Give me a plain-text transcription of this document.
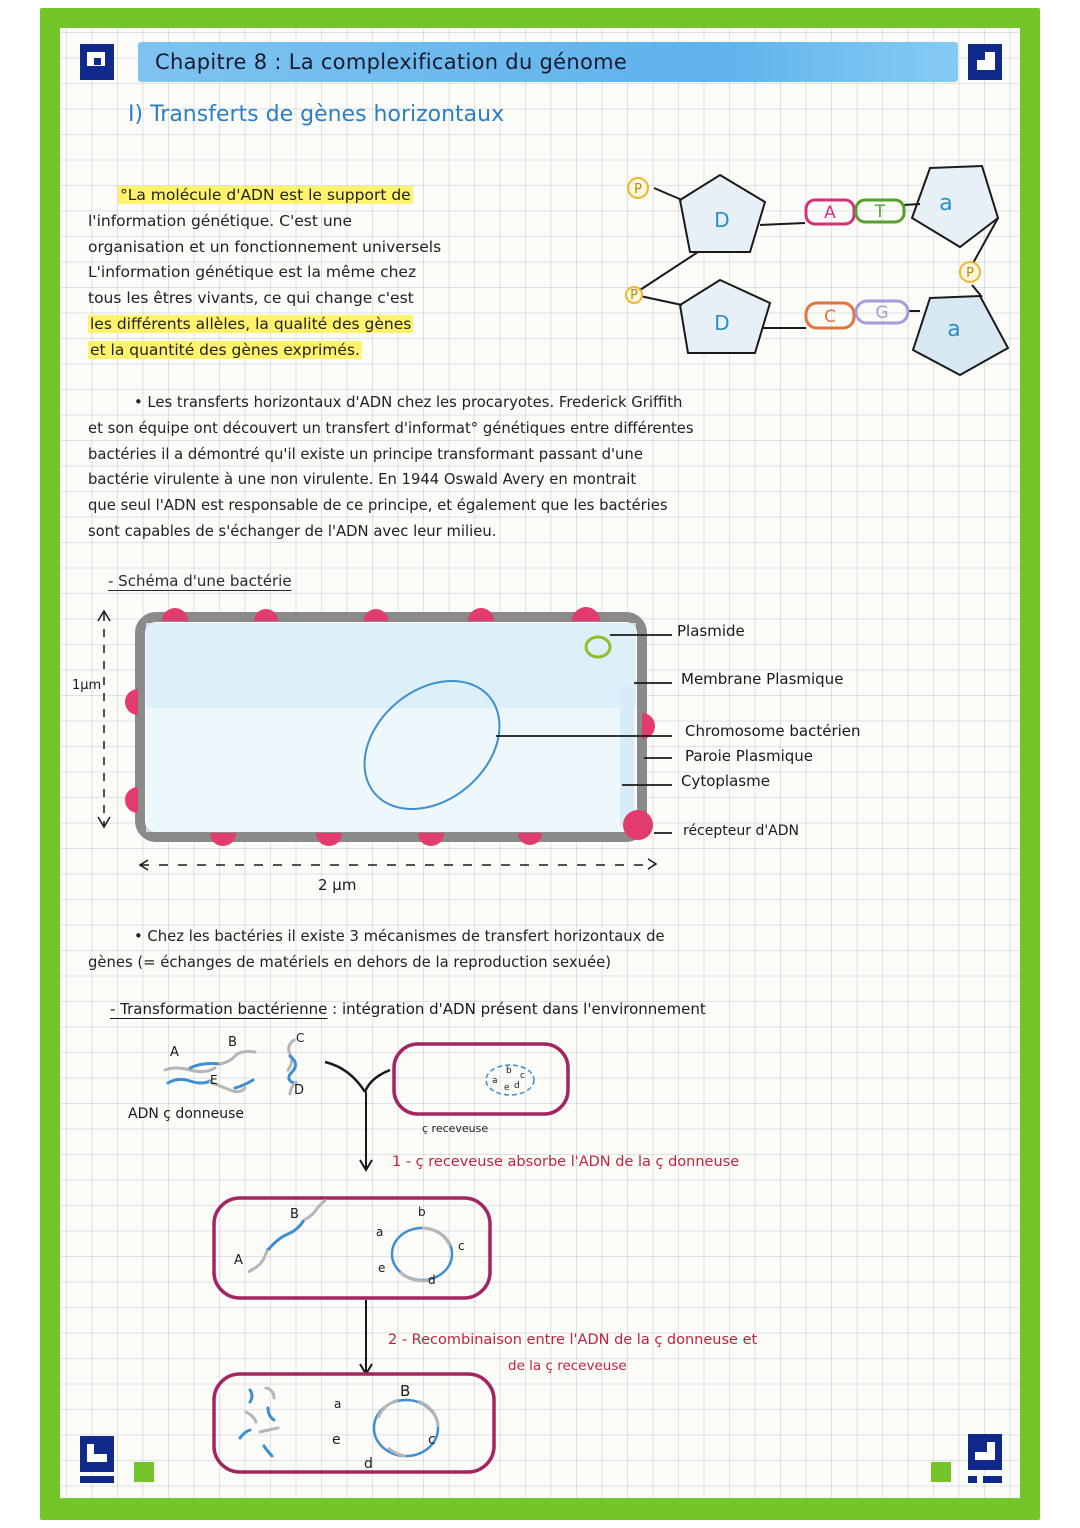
Chapitre 8 : La complexification du génome
I) Transferts de gènes horizontaux
°La molécule d'ADN est le support de
l'information génétique. C'est une
organisation et un fonctionnement universels
L'information génétique est la même chez
tous les êtres vivants, ce qui change c'est
les différents allèles, la qualité des gènes
et la quantité des gènes exprimés.
P
P
P
A T
C G
D
D
a
a
• Les transferts horizontaux d'ADN chez les procaryotes. Frederick Griffith
et son équipe ont découvert un transfert d'informat° génétiques entre différentes
bactéries il a démontré qu'il existe un principe transformant passant d'une
bactérie virulente à une non virulente. En 1944 Oswald Avery en montrait
que seul l'ADN est responsable de ce principe, et également que les bactéries
sont capables de s'échanger de l'ADN avec leur milieu.
- Schéma d'une bactérie
1µm
2 µm
Plasmide
Membrane Plasmique
Chromosome bactérien
Paroie Plasmique
Cytoplasme
récepteur d'ADN
• Chez les bactéries il existe 3 mécanismes de transfert horizontaux de
gènes (= échanges de matériels en dehors de la reproduction sexuée)
- Transformation bactérienne : intégration d'ADN présent dans l'environnement
A
B	C
D
E	a
b c
d
e
A
B
a
b
c
d
e
a
B
c
d
e
ADN ç donneuse
ç receveuse
1 - ç receveuse absorbe l'ADN de la ç donneuse
2 - Recombinaison entre l'ADN de la ç donneuse et
de la ç receveuse
